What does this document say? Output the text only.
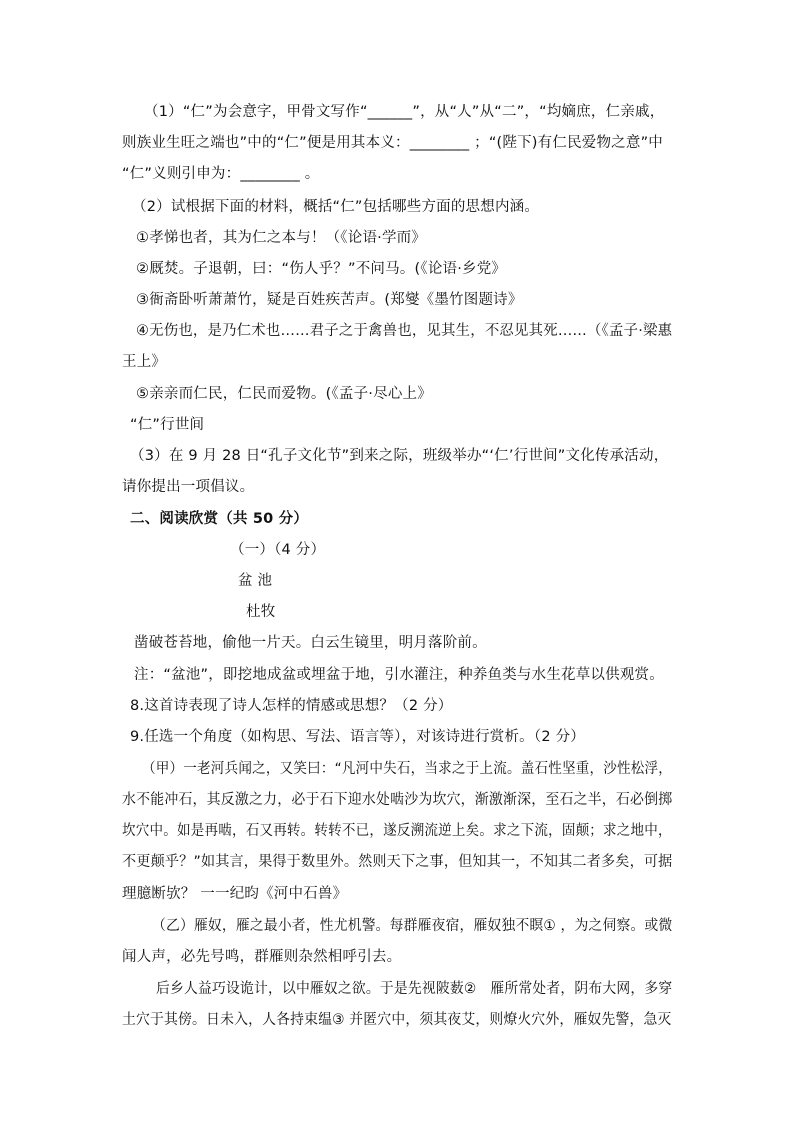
（1）“仁”为会意字，甲骨文写作“______”，从“人”从“二”，“均嫡庶，仁亲戚，
则族业生旺之端也”中的“仁”便是用其本义：________ ；“(陛下)有仁民爱物之意”中
“仁”义则引申为：________ 。
（2）试根据下面的材料，概括“仁”包括哪些方面的思想内涵。
①孝悌也者，其为仁之本与！（《论语·学而》
②厩焚。子退朝，曰：“伤人乎？”不问马。(《论语·乡党》
③衙斋卧听萧萧竹，疑是百姓疾苦声。(郑燮《墨竹图题诗》
④无伤也，是乃仁术也……君子之于禽兽也，见其生，不忍见其死……（《孟子·梁惠
王上》
⑤亲亲而仁民，仁民而爱物。(《孟子·尽心上》
“仁”行世间
（3）在 9 月 28 日“孔子文化节”到来之际，班级举办“‘仁’行世间”文化传承活动，
请你提出一项倡议。
二、阅读欣赏（共 50 分）
（一）（4 分）
盆 池
杜牧
凿破苍苔地，偷他一片天。白云生镜里，明月落阶前。
注：“盆池”，即挖地成盆或埋盆于地，引水灌注，种养鱼类与水生花草以供观赏。
8.这首诗表现了诗人怎样的情感或思想？（2 分）
9.任选一个角度（如构思、写法、语言等），对该诗进行赏析。（2 分）
（甲）一老河兵闻之，又笑曰：“凡河中失石，当求之于上流。盖石性坚重，沙性松浮，
水不能冲石，其反激之力，必于石下迎水处啮沙为坎穴，渐激渐深，至石之半，石必倒掷
坎穴中。如是再啮，石又再转。转转不已，遂反溯流逆上矣。求之下流，固颠；求之地中，
不更颠乎？”如其言，果得于数里外。然则天下之事，但知其一，不知其二者多矣，可据
理臆断欤？ 一一纪昀《河中石兽》
（乙）雁奴，雁之最小者，性尤机警。每群雁夜宿，雁奴独不瞑① ，为之伺察。或微
闻人声，必先号鸣，群雁则杂然相呼引去。
后乡人益巧设诡计，以中雁奴之欲。于是先视陂薮②　雁所常处者，阴布大网，多穿
土穴于其傍。日未入，人各持束缊③ 并匿穴中，须其夜艾，则燎火穴外，雁奴先警，急灭
